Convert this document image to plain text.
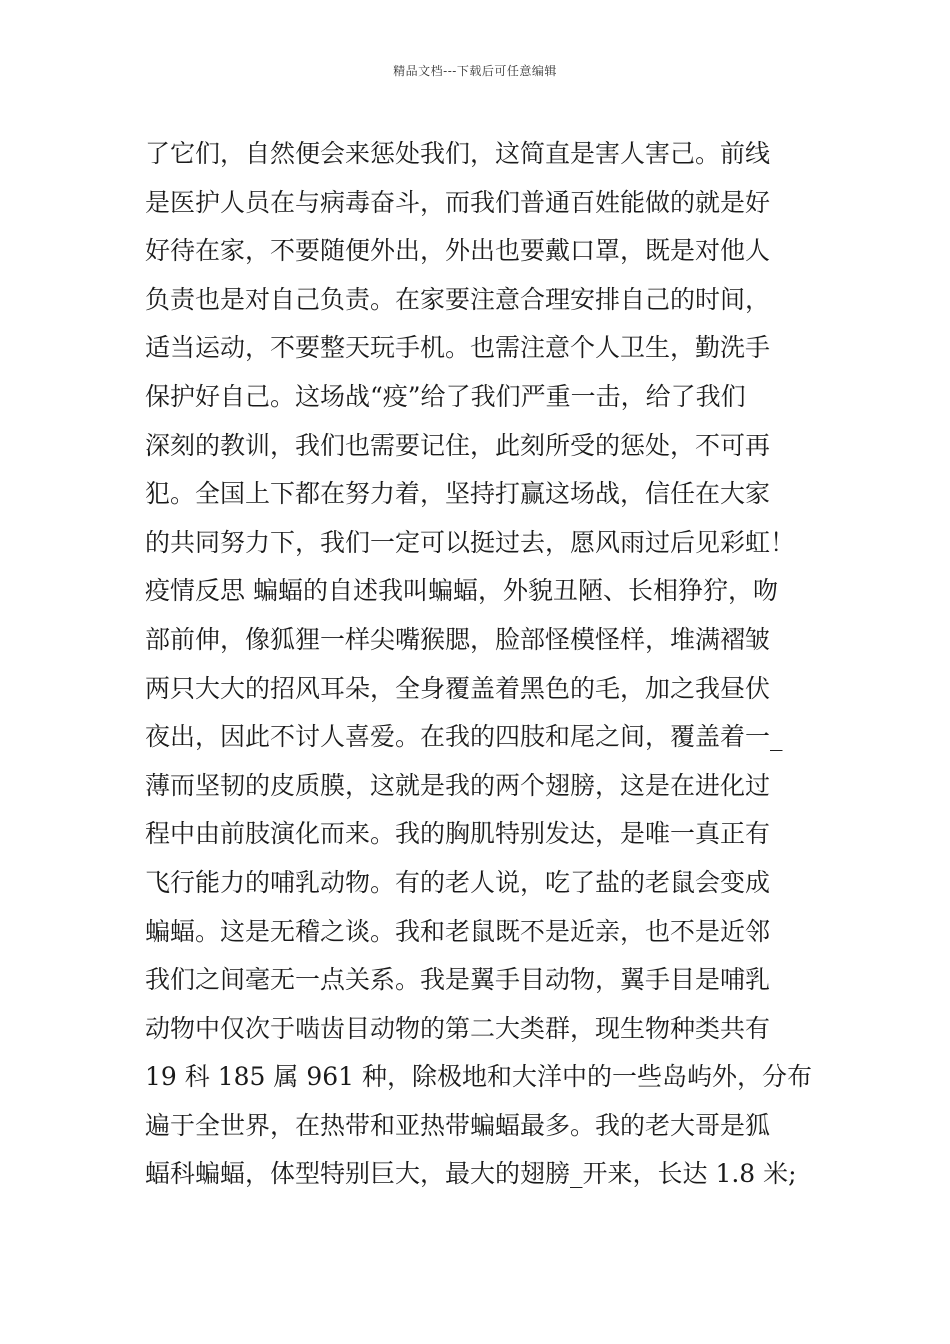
精品文档---下载后可任意编辑
了它们，自然便会来惩处我们，这简直是害人害己。前线
是医护人员在与病毒奋斗，而我们普通百姓能做的就是好
好待在家，不要随便外出，外出也要戴口罩，既是对他人
负责也是对自己负责。在家要注意合理安排自己的时间，
适当运动，不要整天玩手机。也需注意个人卫生，勤洗手
保护好自己。这场战“疫”给了我们严重一击，给了我们
深刻的教训，我们也需要记住，此刻所受的惩处，不可再
犯。全国上下都在努力着，坚持打赢这场战，信任在大家
的共同努力下，我们一定可以挺过去，愿风雨过后见彩虹！
疫情反思 蝙蝠的自述我叫蝙蝠，外貌丑陋、长相狰狞，吻
部前伸，像狐狸一样尖嘴猴腮，脸部怪模怪样，堆满褶皱
两只大大的招风耳朵，全身覆盖着黑色的毛，加之我昼伏
夜出，因此不讨人喜爱。在我的四肢和尾之间，覆盖着一_
薄而坚韧的皮质膜，这就是我的两个翅膀，这是在进化过
程中由前肢演化而来。我的胸肌特别发达，是唯一真正有
飞行能力的哺乳动物。有的老人说，吃了盐的老鼠会变成
蝙蝠。这是无稽之谈。我和老鼠既不是近亲，也不是近邻
我们之间毫无一点关系。我是翼手目动物，翼手目是哺乳
动物中仅次于啮齿目动物的第二大类群，现生物种类共有
19 科 185 属 961 种，除极地和大洋中的一些岛屿外，分布
遍于全世界，在热带和亚热带蝙蝠最多。我的老大哥是狐
蝠科蝙蝠，体型特别巨大，最大的翅膀_开来，长达 1.8 米;
